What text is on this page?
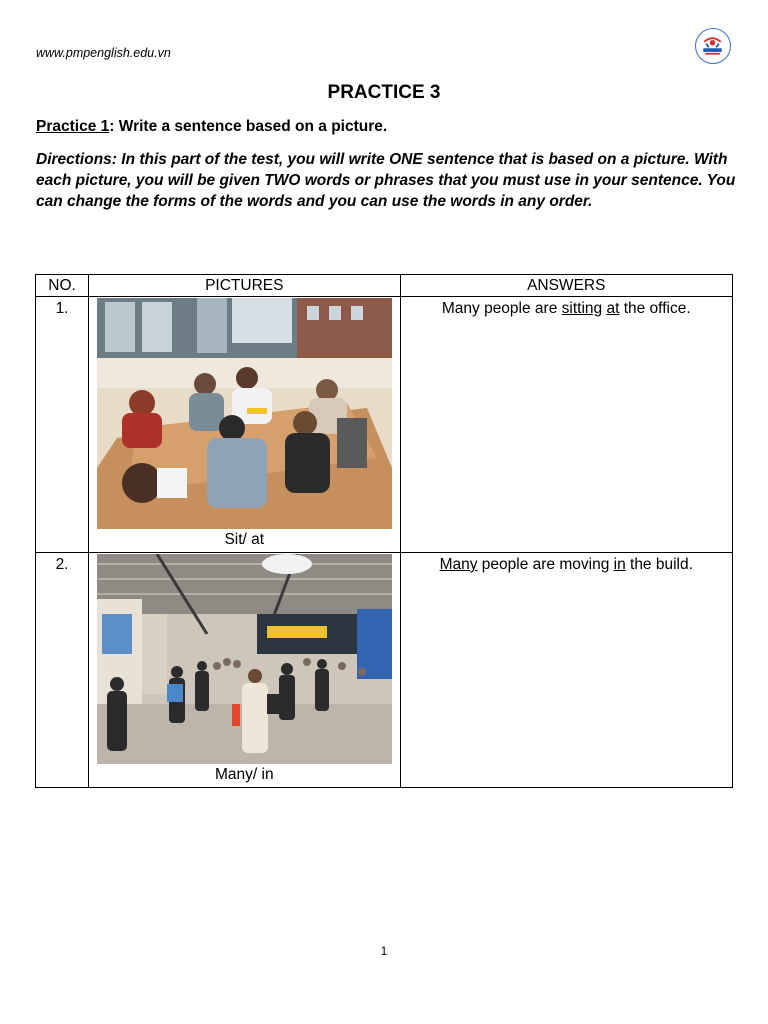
www.pmpenglish.edu.vn
PRACTICE 3
Practice 1: Write a sentence based on a picture.
Directions: In this part of the test, you will write ONE sentence that is based on a picture. With each picture, you will be given TWO words or phrases that you must use in your sentence. You can change the forms of the words and you can use the words in any order.
NO.	PICTURES	ANSWERS
1.	Sit/ at	Many people are sitting at the office.
2.	Many/ in	Many people are moving in the build.
1
